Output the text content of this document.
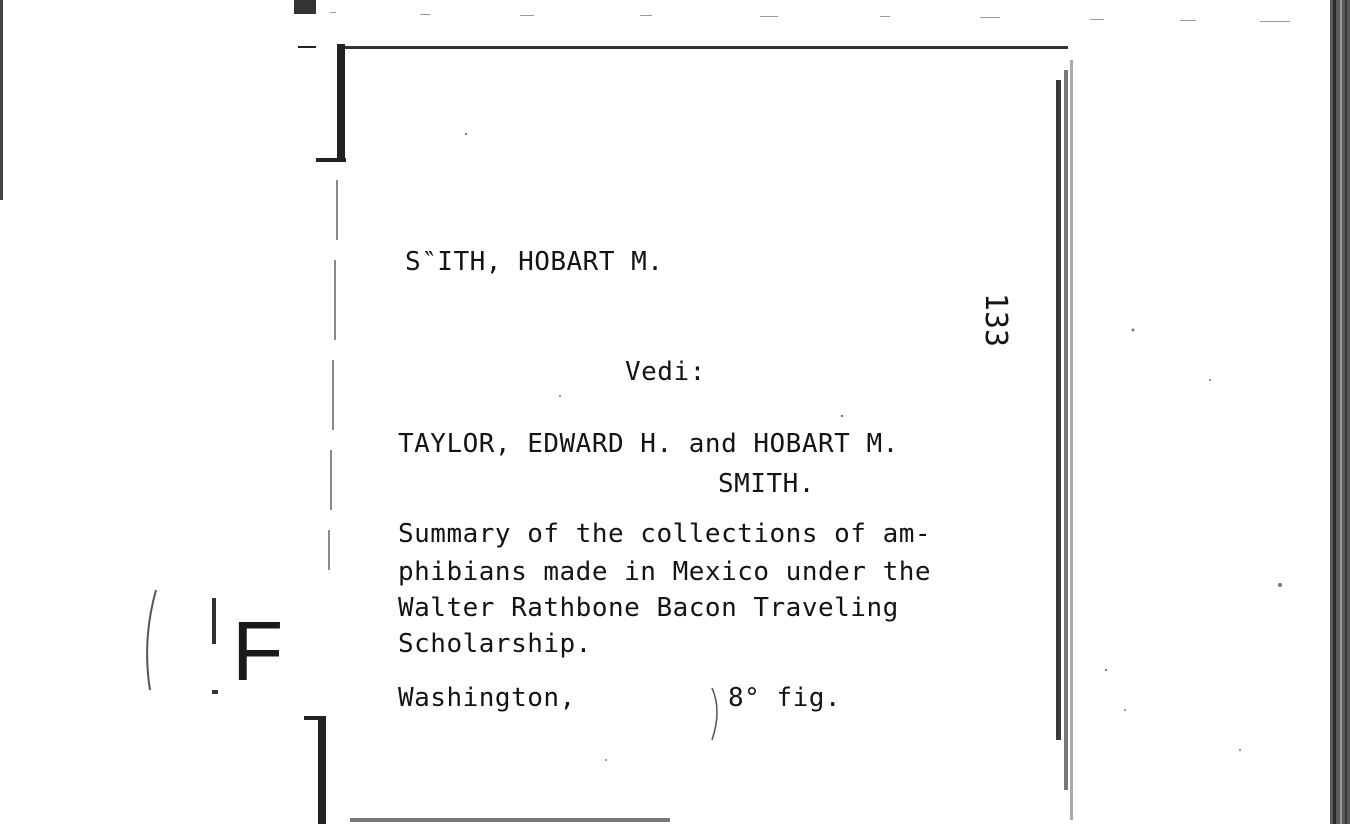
S‶ITH, HOBART M.
Vedi:
TAYLOR, EDWARD H. and HOBART M.
SMITH.
Summary of the collections of am-
phibians made in Mexico under the
Walter Rathbone Bacon Traveling
Scholarship.
Washington,	8° fig.
133
F
